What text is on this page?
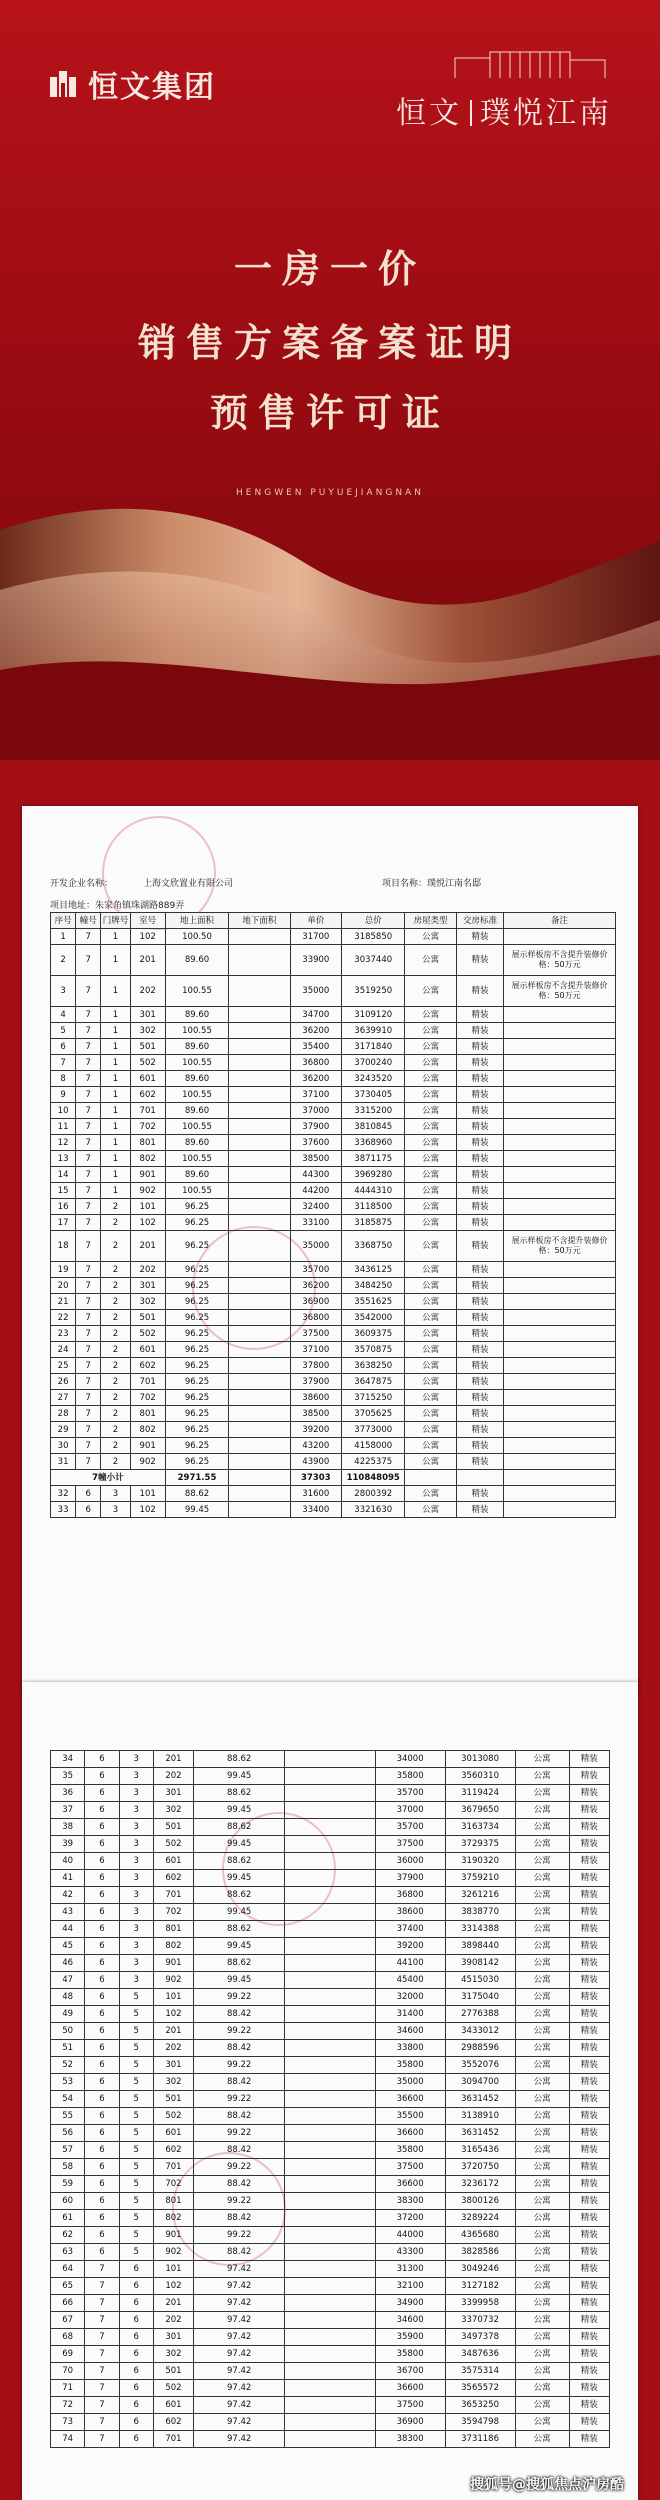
恒文集团
恒文 璞悦江南
一房一价
销售方案备案证明
预售许可证
HENGWEN PUYUEJIANGNAN
开发企业名称：	上海文欣置业有限公司	项目名称：璞悦江南名邸
项目地址：朱家角镇珠湖路889弄
序号	幢号	门牌号	室号	地上面积	地下面积	单价	总价	房屋类型	交房标准	备注
1	7	1	102	100.50		31700	3185850	公寓	精装	
2	7	1	201	89.60		33900	3037440	公寓	精装	展示样板房不含提升装修价格：50万元
3	7	1	202	100.55		35000	3519250	公寓	精装	展示样板房不含提升装修价格：50万元
4	7	1	301	89.60		34700	3109120	公寓	精装	
5	7	1	302	100.55		36200	3639910	公寓	精装	
6	7	1	501	89.60		35400	3171840	公寓	精装	
7	7	1	502	100.55		36800	3700240	公寓	精装	
8	7	1	601	89.60		36200	3243520	公寓	精装	
9	7	1	602	100.55		37100	3730405	公寓	精装	
10	7	1	701	89.60		37000	3315200	公寓	精装	
11	7	1	702	100.55		37900	3810845	公寓	精装	
12	7	1	801	89.60		37600	3368960	公寓	精装	
13	7	1	802	100.55		38500	3871175	公寓	精装	
14	7	1	901	89.60		44300	3969280	公寓	精装	
15	7	1	902	100.55		44200	4444310	公寓	精装	
16	7	2	101	96.25		32400	3118500	公寓	精装	
17	7	2	102	96.25		33100	3185875	公寓	精装	
18	7	2	201	96.25		35000	3368750	公寓	精装	展示样板房不含提升装修价格：50万元
19	7	2	202	96.25		35700	3436125	公寓	精装	
20	7	2	301	96.25		36200	3484250	公寓	精装	
21	7	2	302	96.25		36900	3551625	公寓	精装	
22	7	2	501	96.25		36800	3542000	公寓	精装	
23	7	2	502	96.25		37500	3609375	公寓	精装	
24	7	2	601	96.25		37100	3570875	公寓	精装	
25	7	2	602	96.25		37800	3638250	公寓	精装	
26	7	2	701	96.25		37900	3647875	公寓	精装	
27	7	2	702	96.25		38600	3715250	公寓	精装	
28	7	2	801	96.25		38500	3705625	公寓	精装	
29	7	2	802	96.25		39200	3773000	公寓	精装	
30	7	2	901	96.25		43200	4158000	公寓	精装	
31	7	2	902	96.25		43900	4225375	公寓	精装	
7幢小计				2971.55		37303	110848095			
32	6	3	101	88.62		31600	2800392	公寓	精装	
33	6	3	102	99.45		33400	3321630	公寓	精装	
34	6	3	201	88.62		34000	3013080	公寓	精装
35	6	3	202	99.45		35800	3560310	公寓	精装
36	6	3	301	88.62		35700	3119424	公寓	精装
37	6	3	302	99.45		37000	3679650	公寓	精装
38	6	3	501	88.62		35700	3163734	公寓	精装
39	6	3	502	99.45		37500	3729375	公寓	精装
40	6	3	601	88.62		36000	3190320	公寓	精装
41	6	3	602	99.45		37900	3759210	公寓	精装
42	6	3	701	88.62		36800	3261216	公寓	精装
43	6	3	702	99.45		38600	3838770	公寓	精装
44	6	3	801	88.62		37400	3314388	公寓	精装
45	6	3	802	99.45		39200	3898440	公寓	精装
46	6	3	901	88.62		44100	3908142	公寓	精装
47	6	3	902	99.45		45400	4515030	公寓	精装
48	6	5	101	99.22		32000	3175040	公寓	精装
49	6	5	102	88.42		31400	2776388	公寓	精装
50	6	5	201	99.22		34600	3433012	公寓	精装
51	6	5	202	88.42		33800	2988596	公寓	精装
52	6	5	301	99.22		35800	3552076	公寓	精装
53	6	5	302	88.42		35000	3094700	公寓	精装
54	6	5	501	99.22		36600	3631452	公寓	精装
55	6	5	502	88.42		35500	3138910	公寓	精装
56	6	5	601	99.22		36600	3631452	公寓	精装
57	6	5	602	88.42		35800	3165436	公寓	精装
58	6	5	701	99.22		37500	3720750	公寓	精装
59	6	5	702	88.42		36600	3236172	公寓	精装
60	6	5	801	99.22		38300	3800126	公寓	精装
61	6	5	802	88.42		37200	3289224	公寓	精装
62	6	5	901	99.22		44000	4365680	公寓	精装
63	6	5	902	88.42		43300	3828586	公寓	精装
64	7	6	101	97.42		31300	3049246	公寓	精装
65	7	6	102	97.42		32100	3127182	公寓	精装
66	7	6	201	97.42		34900	3399958	公寓	精装
67	7	6	202	97.42		34600	3370732	公寓	精装
68	7	6	301	97.42		35900	3497378	公寓	精装
69	7	6	302	97.42		35800	3487636	公寓	精装
70	7	6	501	97.42		36700	3575314	公寓	精装
71	7	6	502	97.42		36600	3565572	公寓	精装
72	7	6	601	97.42		37500	3653250	公寓	精装
73	7	6	602	97.42		36900	3594798	公寓	精装
74	7	6	701	97.42		38300	3731186	公寓	精装
搜狐号@搜狐焦点沪房酷
